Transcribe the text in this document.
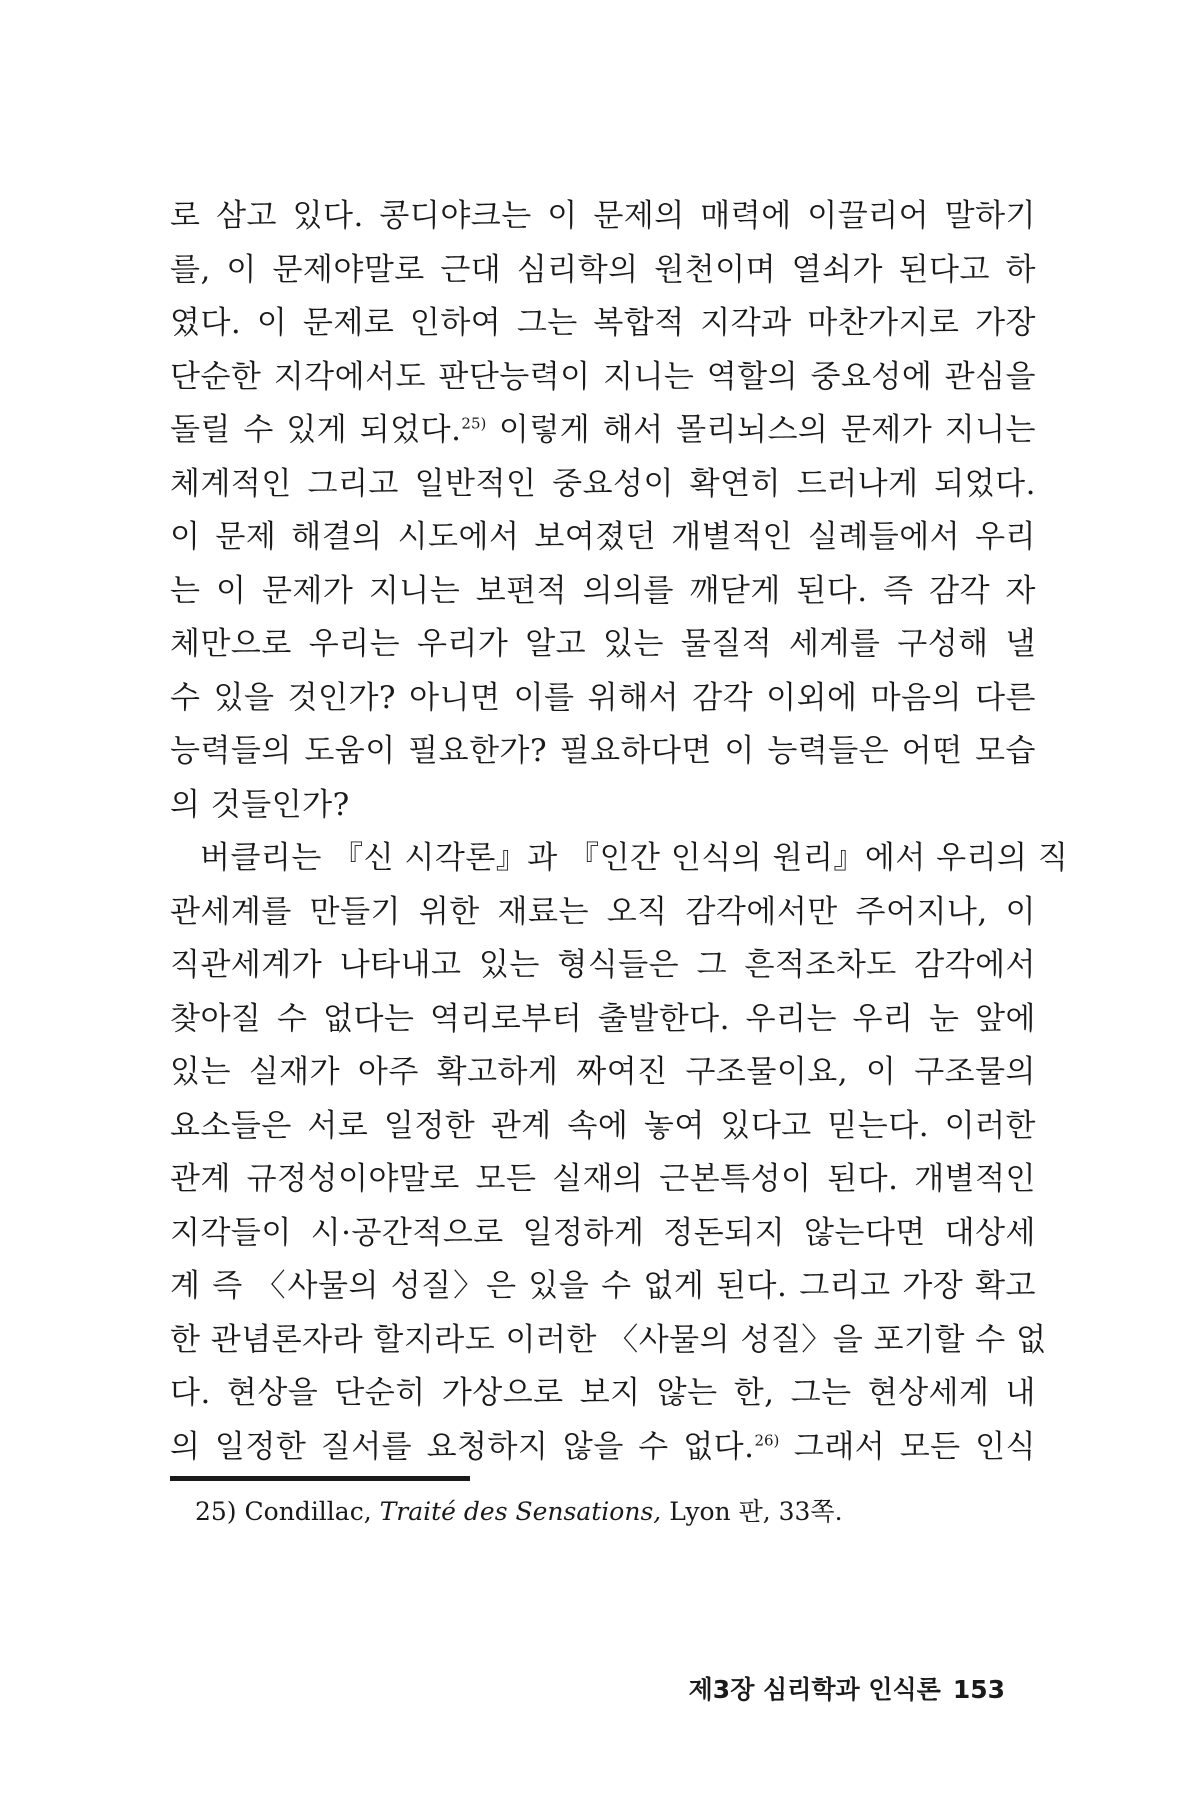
로 삼고 있다. 콩디야크는 이 문제의 매력에 이끌리어 말하기
를, 이 문제야말로 근대 심리학의 원천이며 열쇠가 된다고 하
였다. 이 문제로 인하여 그는 복합적 지각과 마찬가지로 가장
단순한 지각에서도 판단능력이 지니는 역할의 중요성에 관심을
돌릴 수 있게 되었다.$^{25)}$ 이렇게 해서 몰리뇌스의 문제가 지니는
체계적인 그리고 일반적인 중요성이 확연히 드러나게 되었다.
이 문제 해결의 시도에서 보여졌던 개별적인 실례들에서 우리
는 이 문제가 지니는 보편적 의의를 깨닫게 된다. 즉 감각 자
체만으로 우리는 우리가 알고 있는 물질적 세계를 구성해 낼
수 있을 것인가? 아니면 이를 위해서 감각 이외에 마음의 다른
능력들의 도움이 필요한가? 필요하다면 이 능력들은 어떤 모습
의 것들인가?
버클리는 『신 시각론』과 『인간 인식의 원리』에서 우리의 직
관세계를 만들기 위한 재료는 오직 감각에서만 주어지나, 이
직관세계가 나타내고 있는 형식들은 그 흔적조차도 감각에서
찾아질 수 없다는 역리로부터 출발한다. 우리는 우리 눈 앞에
있는 실재가 아주 확고하게 짜여진 구조물이요, 이 구조물의
요소들은 서로 일정한 관계 속에 놓여 있다고 믿는다. 이러한
관계 규정성이야말로 모든 실재의 근본특성이 된다. 개별적인
지각들이 시·공간적으로 일정하게 정돈되지 않는다면 대상세
계 즉 〈사물의 성질〉은 있을 수 없게 된다. 그리고 가장 확고
한 관념론자라 할지라도 이러한 〈사물의 성질〉을 포기할 수 없
다. 현상을 단순히 가상으로 보지 않는 한, 그는 현상세계 내
의 일정한 질서를 요청하지 않을 수 없다.$^{26)}$ 그래서 모든 인식
25) Condillac, Traité des Sensations, Lyon 판, 33쪽.
제3장 심리학과 인식론 153
